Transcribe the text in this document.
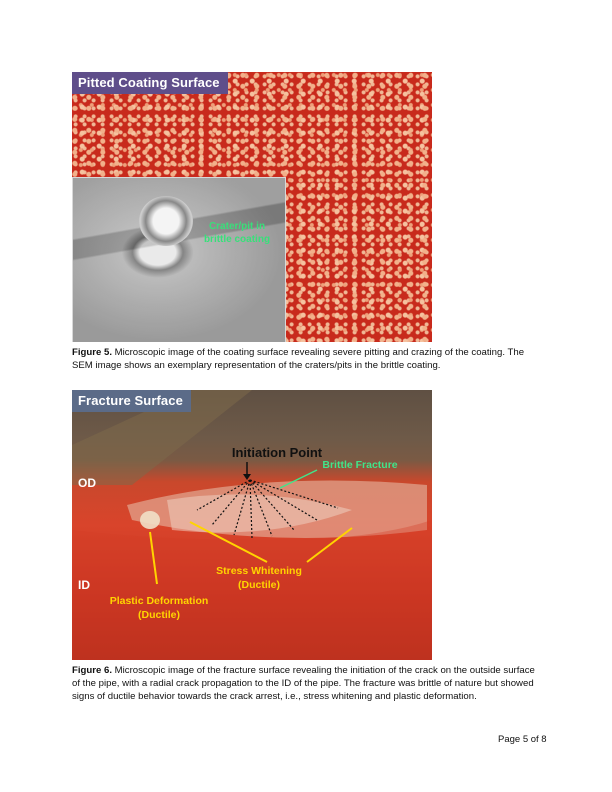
Pitted Coating Surface
Crater/pit in brittle coating
Figure 5. Microscopic image of the coating surface revealing severe pitting and crazing of the coating. The SEM image shows an exemplary representation of the craters/pits in the brittle coating.
Fracture Surface
Initiation Point
Brittle Fracture
OD
ID
Stress Whitening (Ductile)
Plastic Deformation (Ductile)
Figure 6. Microscopic image of the fracture surface revealing the initiation of the crack on the outside surface of the pipe, with a radial crack propagation to the ID of the pipe. The fracture was brittle of nature but showed signs of ductile behavior towards the crack arrest, i.e., stress whitening and plastic deformation.
Page 5 of 8
